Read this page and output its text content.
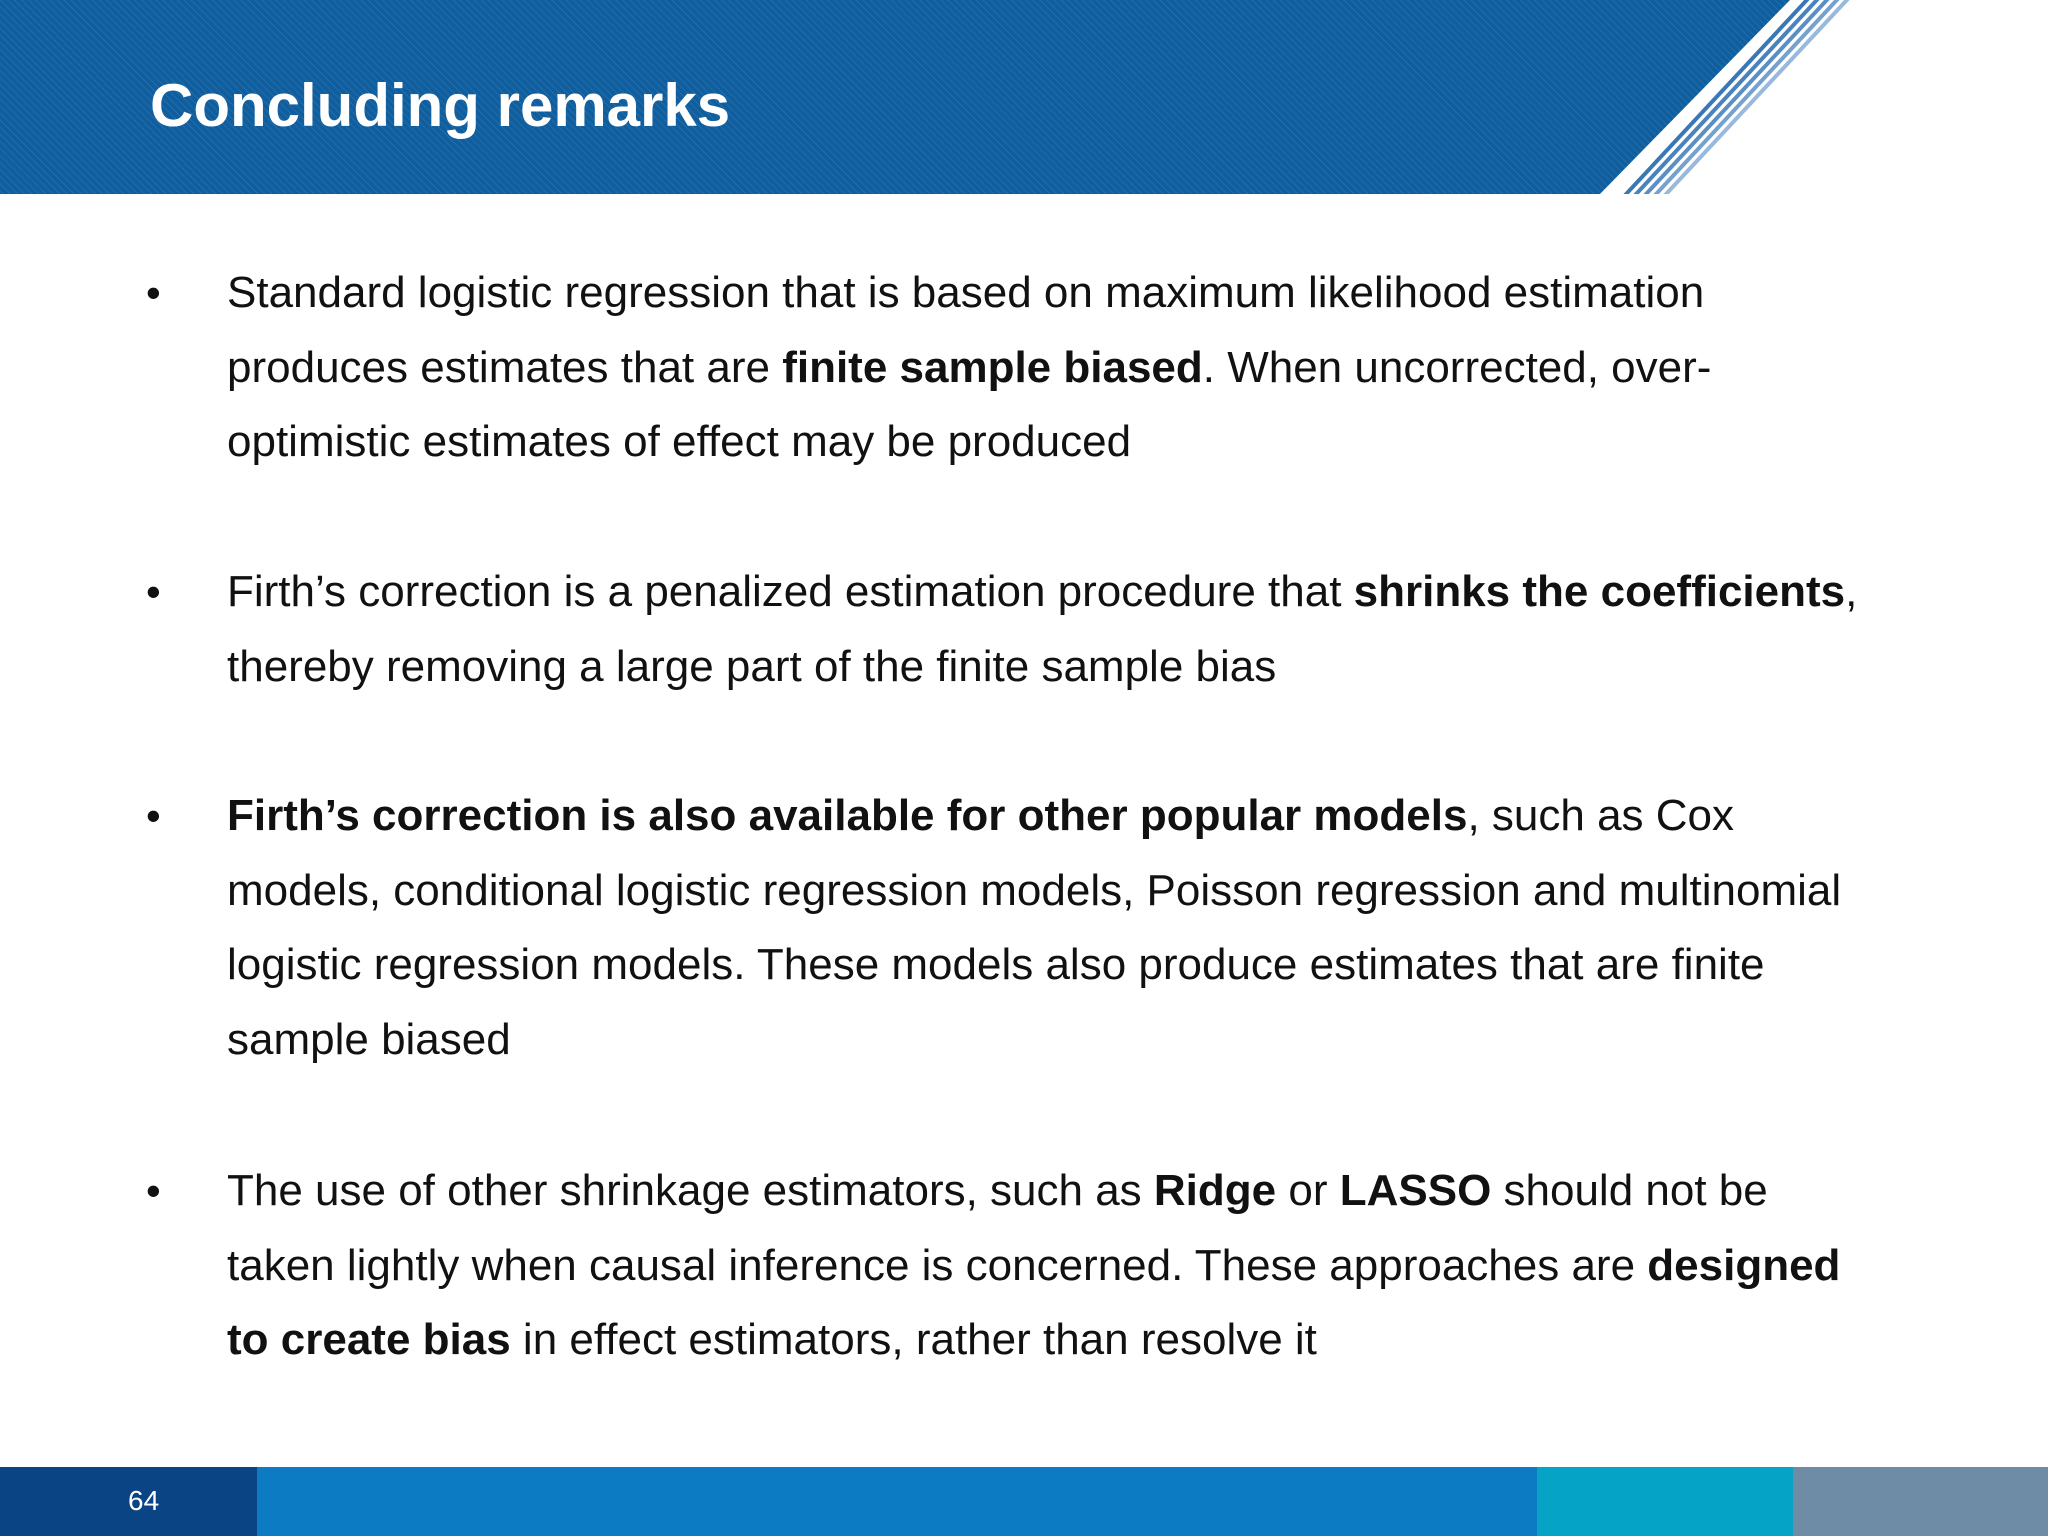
Concluding remarks
• Standard logistic regression that is based on maximum likelihood estimation produces estimates that are finite sample biased. When uncorrected, over-optimistic estimates of effect may be produced

• Firth’s correction is a penalized estimation procedure that shrinks the coefficients, thereby removing a large part of the finite sample bias

• Firth’s correction is also available for other popular models, such as Cox models, conditional logistic regression models, Poisson regression and multinomial logistic regression models. These models also produce estimates that are finite sample biased

• The use of other shrinkage estimators, such as Ridge or LASSO should not be taken lightly when causal inference is concerned. These approaches are designed to create bias in effect estimators, rather than resolve it

64
